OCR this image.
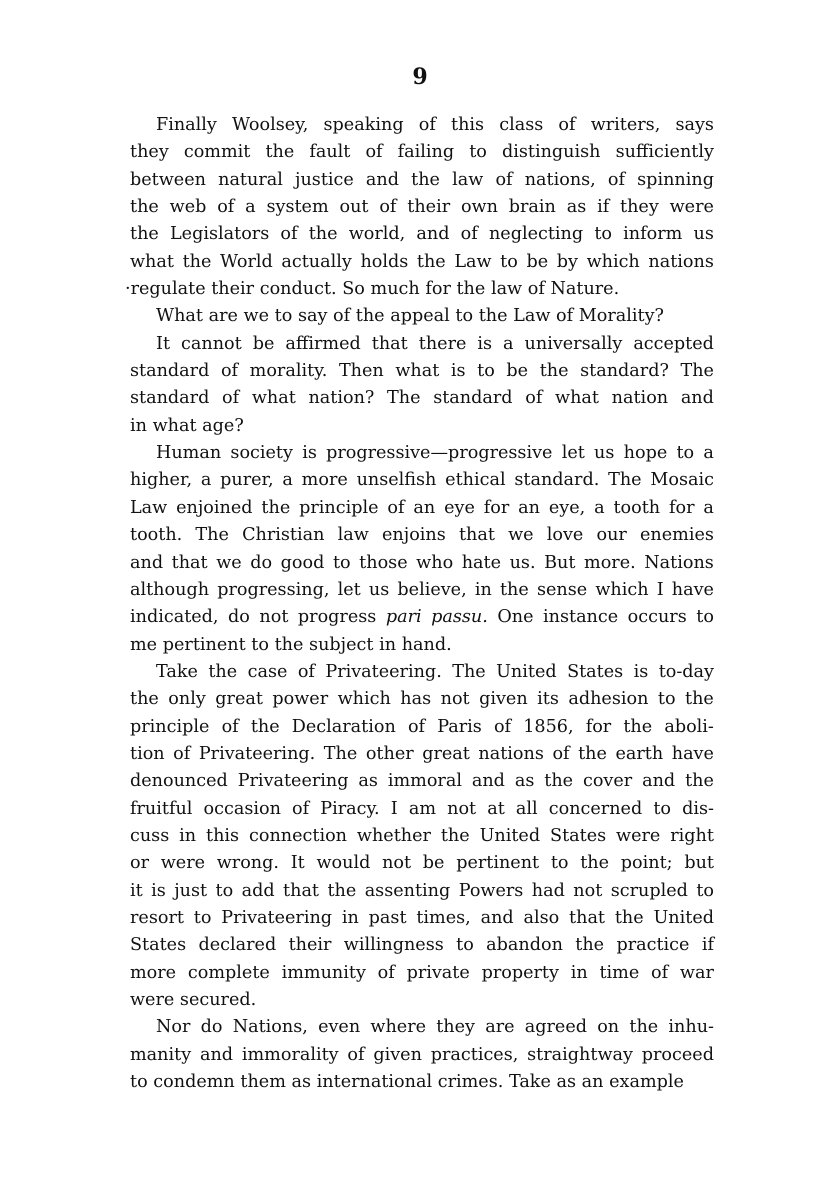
9
Finally Woolsey, speaking of this class of writers, says
they commit the fault of failing to distinguish sufficiently
between natural justice and the law of nations, of spinning
the web of a system out of their own brain as if they were
the Legislators of the world, and of neglecting to inform us
what the World actually holds the Law to be by which nations
·regulate their conduct. So much for the law of Nature.
What are we to say of the appeal to the Law of Morality?
It cannot be affirmed that there is a universally accepted
standard of morality. Then what is to be the standard? The
standard of what nation? The standard of what nation and
in what age?
Human society is progressive—progressive let us hope to a
higher, a purer, a more unselfish ethical standard. The Mosaic
Law enjoined the principle of an eye for an eye, a tooth for a
tooth. The Christian law enjoins that we love our enemies
and that we do good to those who hate us. But more. Nations
although progressing, let us believe, in the sense which I have
indicated, do not progress pari passu. One instance occurs to
me pertinent to the subject in hand.
Take the case of Privateering. The United States is to-day
the only great power which has not given its adhesion to the
principle of the Declaration of Paris of 1856, for the aboli-
tion of Privateering. The other great nations of the earth have
denounced Privateering as immoral and as the cover and the
fruitful occasion of Piracy. I am not at all concerned to dis-
cuss in this connection whether the United States were right
or were wrong. It would not be pertinent to the point; but
it is just to add that the assenting Powers had not scrupled to
resort to Privateering in past times, and also that the United
States declared their willingness to abandon the practice if
more complete immunity of private property in time of war
were secured.
Nor do Nations, even where they are agreed on the inhu-
manity and immorality of given practices, straightway proceed
to condemn them as international crimes. Take as an example
